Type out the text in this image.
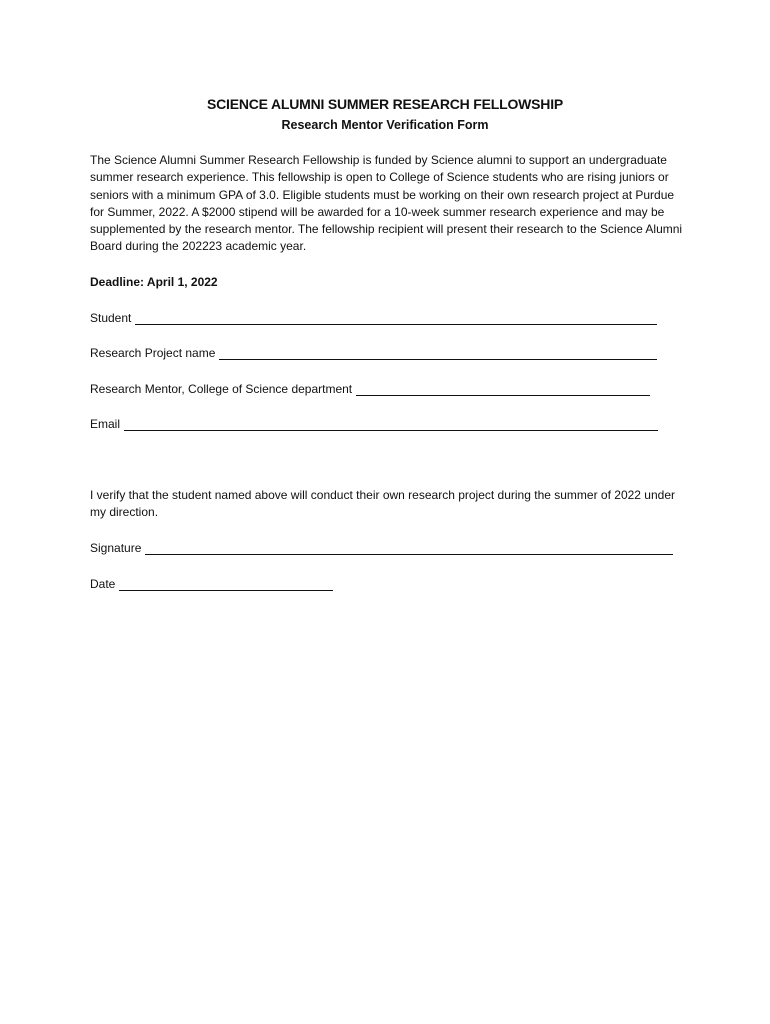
SCIENCE ALUMNI SUMMER RESEARCH FELLOWSHIP
Research Mentor Verification Form

The Science Alumni Summer Research Fellowship is funded by Science alumni to support an undergraduate summer research experience. This fellowship is open to College of Science students who are rising juniors or seniors with a minimum GPA of 3.0. Eligible students must be working on their own research project at Purdue for Summer, 2022. A $2000 stipend will be awarded for a 10-week summer research experience and may be supplemented by the research mentor. The fellowship recipient will present their research to the Science Alumni Board during the 202223 academic year.

Deadline: April 1, 2022
Student
Research Project name
Research Mentor, College of Science department
Email

I verify that the student named above will conduct their own research project during the summer of 2022 under my direction.

Signature
Date
